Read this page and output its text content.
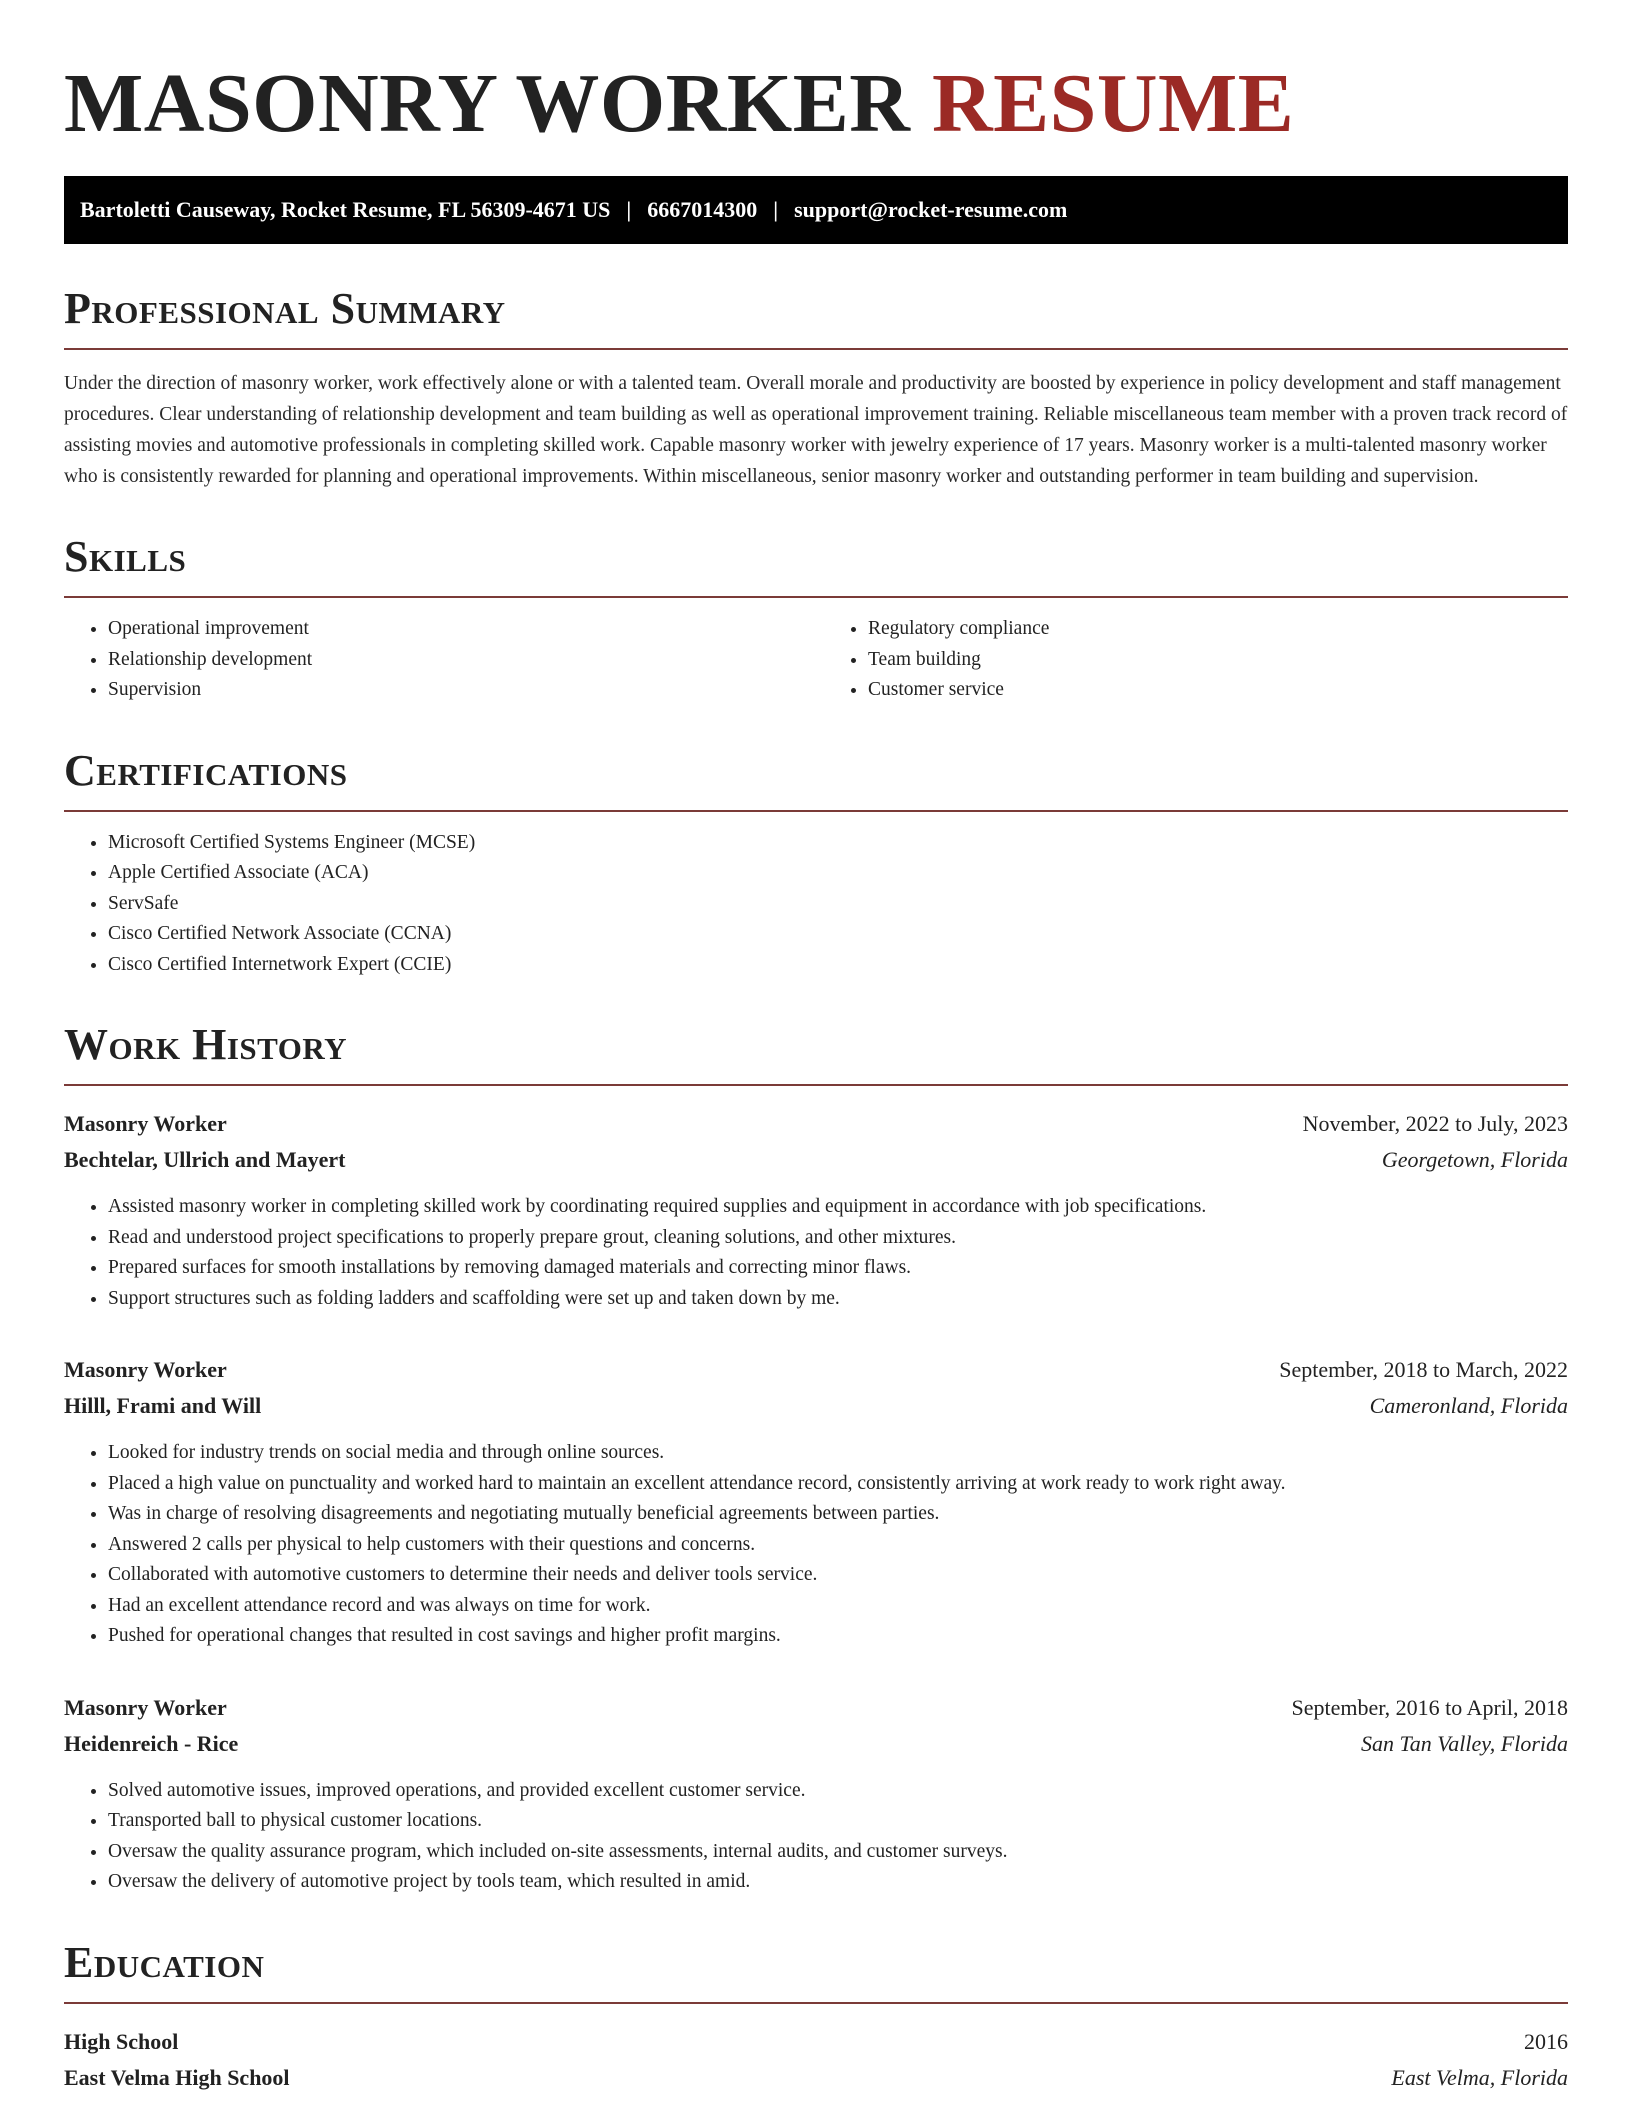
MASONRY WORKER RESUME
Bartoletti Causeway, Rocket Resume, FL 56309-4671 US | 6667014300 | support@rocket-resume.com
Professional Summary

Under the direction of masonry worker, work effectively alone or with a talented team. Overall morale and productivity are boosted by experience in policy development and staff management procedures. Clear understanding of relationship development and team building as well as operational improvement training. Reliable miscellaneous team member with a proven track record of assisting movies and automotive professionals in completing skilled work. Capable masonry worker with jewelry experience of 17 years. Masonry worker is a multi-talented masonry worker who is consistently rewarded for planning and operational improvements. Within miscellaneous, senior masonry worker and outstanding performer in team building and supervision.

Skills
• Operational improvement
• Relationship development
• Supervision
• Regulatory compliance
• Team building
• Customer service
Certifications
• Microsoft Certified Systems Engineer (MCSE)
• Apple Certified Associate (ACA)
• ServSafe
• Cisco Certified Network Associate (CCNA)
• Cisco Certified Internetwork Expert (CCIE)
Work History
Masonry Worker	November, 2022 to July, 2023
Bechtelar, Ullrich and Mayert	Georgetown, Florida
• Assisted masonry worker in completing skilled work by coordinating required supplies and equipment in accordance with job specifications.
• Read and understood project specifications to properly prepare grout, cleaning solutions, and other mixtures.
• Prepared surfaces for smooth installations by removing damaged materials and correcting minor flaws.
• Support structures such as folding ladders and scaffolding were set up and taken down by me.
Masonry Worker	September, 2018 to March, 2022
Hilll, Frami and Will	Cameronland, Florida
• Looked for industry trends on social media and through online sources.
• Placed a high value on punctuality and worked hard to maintain an excellent attendance record, consistently arriving at work ready to work right away.
• Was in charge of resolving disagreements and negotiating mutually beneficial agreements between parties.
• Answered 2 calls per physical to help customers with their questions and concerns.
• Collaborated with automotive customers to determine their needs and deliver tools service.
• Had an excellent attendance record and was always on time for work.
• Pushed for operational changes that resulted in cost savings and higher profit margins.
Masonry Worker	September, 2016 to April, 2018
Heidenreich - Rice	San Tan Valley, Florida
• Solved automotive issues, improved operations, and provided excellent customer service.
• Transported ball to physical customer locations.
• Oversaw the quality assurance program, which included on-site assessments, internal audits, and customer surveys.
• Oversaw the delivery of automotive project by tools team, which resulted in amid.
Education
High School	2016
East Velma High School	East Velma, Florida
